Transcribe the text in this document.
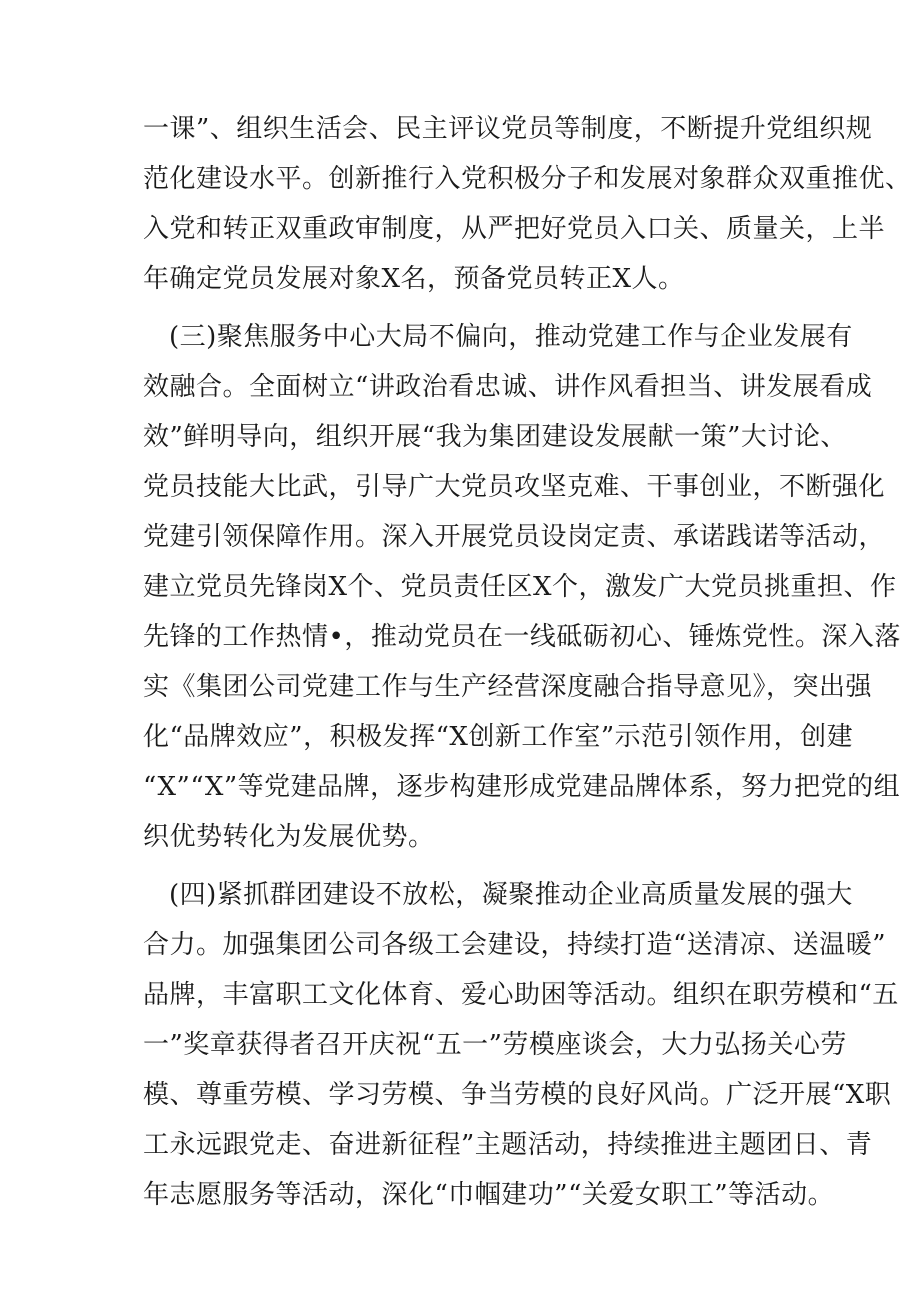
一课”、组织生活会、民主评议党员等制度，不断提升党组织规
范化建设水平。创新推行入党积极分子和发展对象群众双重推优、
入党和转正双重政审制度，从严把好党员入口关、质量关，上半
年确定党员发展对象X名，预备党员转正X人。
(三)聚焦服务中心大局不偏向，推动党建工作与企业发展有
效融合。全面树立“讲政治看忠诚、讲作风看担当、讲发展看成
效”鲜明导向，组织开展“我为集团建设发展献一策”大讨论、
党员技能大比武，引导广大党员攻坚克难、干事创业，不断强化
党建引领保障作用。深入开展党员设岗定责、承诺践诺等活动，
建立党员先锋岗X个、党员责任区X个，激发广大党员挑重担、作
先锋的工作热情•，推动党员在一线砥砺初心、锤炼党性。深入落
实《集团公司党建工作与生产经营深度融合指导意见》，突出强
化“品牌效应”，积极发挥“X创新工作室”示范引领作用，创建
“X”“X”等党建品牌，逐步构建形成党建品牌体系，努力把党的组
织优势转化为发展优势。
(四)紧抓群团建设不放松，凝聚推动企业高质量发展的强大
合力。加强集团公司各级工会建设，持续打造“送清凉、送温暖”
品牌，丰富职工文化体育、爱心助困等活动。组织在职劳模和“五
一”奖章获得者召开庆祝“五一”劳模座谈会，大力弘扬关心劳
模、尊重劳模、学习劳模、争当劳模的良好风尚。广泛开展“X职
工永远跟党走、奋进新征程”主题活动，持续推进主题团日、青
年志愿服务等活动，深化“巾帼建功”“关爱女职工”等活动。
